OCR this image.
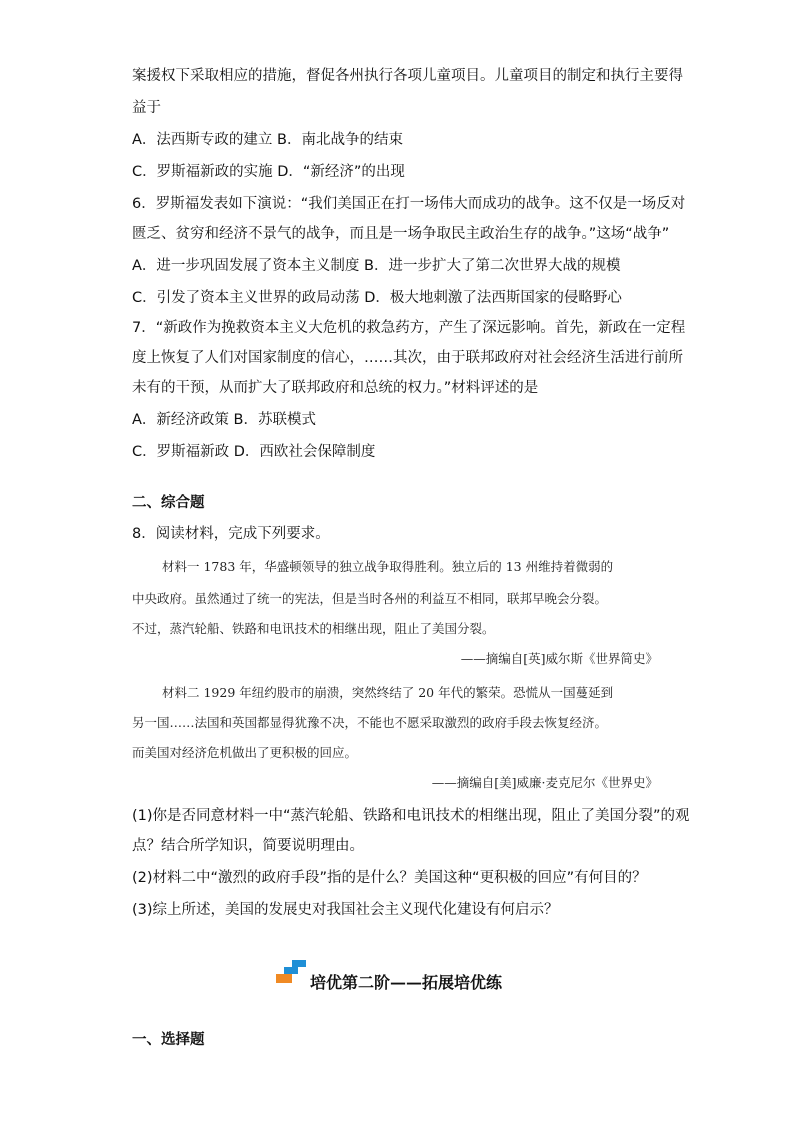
案援权下采取相应的措施，督促各州执行各项儿童项目。儿童项目的制定和执行主要得
益于
A．法西斯专政的建立 B．南北战争的结束
C．罗斯福新政的实施 D．“新经济”的出现
6．罗斯福发表如下演说：“我们美国正在打一场伟大而成功的战争。这不仅是一场反对
匮乏、贫穷和经济不景气的战争，而且是一场争取民主政治生存的战争。”这场“战争”
A．进一步巩固发展了资本主义制度 B．进一步扩大了第二次世界大战的规模
C．引发了资本主义世界的政局动荡 D．极大地刺激了法西斯国家的侵略野心
7．“新政作为挽救资本主义大危机的救急药方，产生了深远影响。首先，新政在一定程
度上恢复了人们对国家制度的信心，……其次，由于联邦政府对社会经济生活进行前所
未有的干预，从而扩大了联邦政府和总统的权力。”材料评述的是
A．新经济政策 B．苏联模式
C．罗斯福新政 D．西欧社会保障制度
二、综合题
8．阅读材料，完成下列要求。
材料一 1783 年，华盛顿领导的独立战争取得胜利。独立后的 13 州维持着微弱的
中央政府。虽然通过了统一的宪法，但是当时各州的利益互不相同，联邦早晚会分裂。
不过，蒸汽轮船、铁路和电讯技术的相继出现，阻止了美国分裂。
——摘编自[英]威尔斯《世界简史》
材料二 1929 年纽约股市的崩溃，突然终结了 20 年代的繁荣。恐慌从一国蔓延到
另一国……法国和英国都显得犹豫不决，不能也不愿采取激烈的政府手段去恢复经济。
而美国对经济危机做出了更积极的回应。
——摘编自[美]威廉·麦克尼尔《世界史》
(1)你是否同意材料一中“蒸汽轮船、铁路和电讯技术的相继出现，阻止了美国分裂”的观
点？结合所学知识，简要说明理由。
(2)材料二中“激烈的政府手段”指的是什么？美国这种“更积极的回应”有何目的？
(3)综上所述，美国的发展史对我国社会主义现代化建设有何启示？
培优第二阶——拓展培优练
一、选择题
